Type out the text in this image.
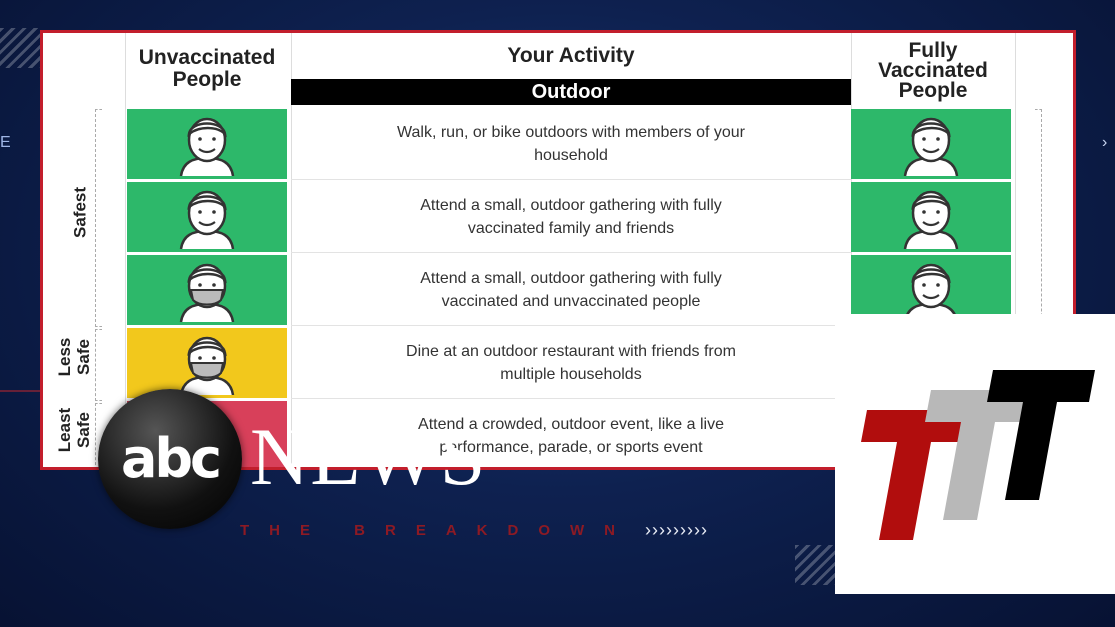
E	›
Unvaccinated People
Your Activity
Outdoor
Fully Vaccinated People
Walk, run, or bike outdoors with members of your household
Attend a small, outdoor gathering with fully vaccinated family and friends
Attend a small, outdoor gathering with fully vaccinated and unvaccinated people
Dine at an outdoor restaurant with friends from multiple households
Attend a crowded, outdoor event, like a live performance, parade, or sports event
Safest
Less Safe
Least Safe
THE BREAKDOWN ›››››››››
abc NEWS
